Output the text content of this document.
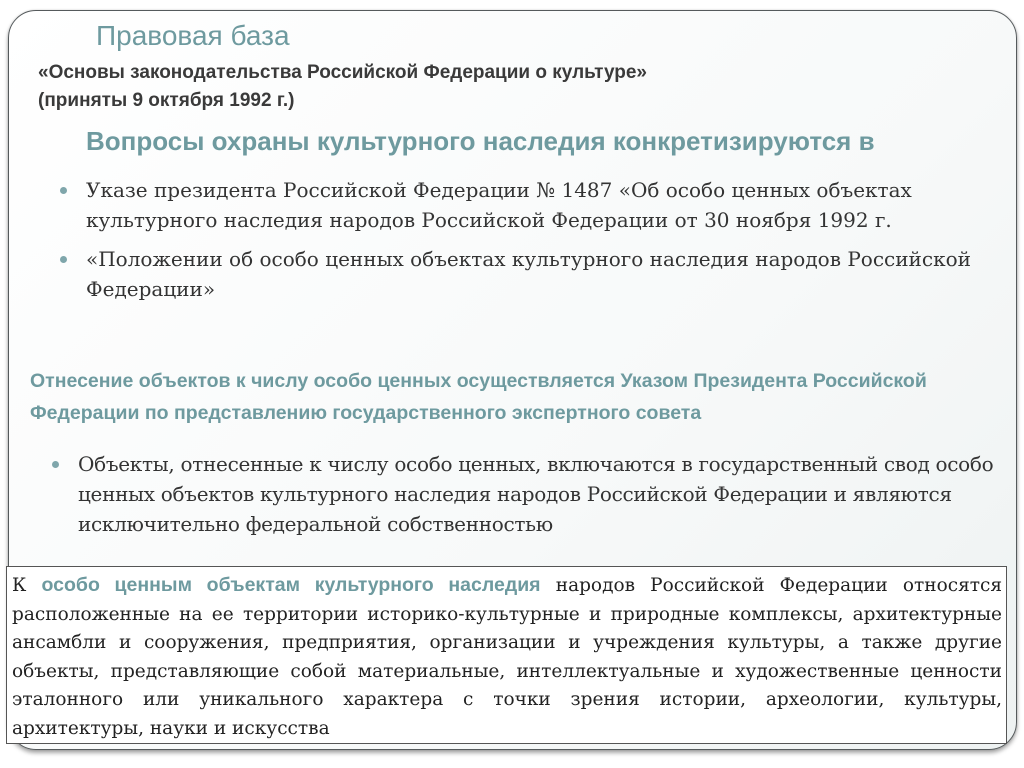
Правовая база
«Основы законодательства Российской Федерации о культуре»
(приняты 9 октября 1992 г.)
Вопросы охраны культурного наследия конкретизируются в
Указе президента Российской Федерации № 1487 «Об особо ценных объектах культурного наследия народов Российской Федерации от 30 ноября 1992 г.
«Положении об особо ценных объектах культурного наследия народов Российской Федерации»
Отнесение объектов к числу особо ценных осуществляется Указом Президента Российской Федерации по представлению государственного экспертного совета
Объекты, отнесенные к числу особо ценных, включаются в государственный свод особо ценных объектов культурного наследия народов Российской Федерации и являются исключительно федеральной собственностью
К особо ценным объектам культурного наследия народов Российской Федерации относятся расположенные на ее территории историко-культурные и природные комплексы, архитектурные ансамбли и сооружения, предприятия, организации и учреждения культуры, а также другие объекты, представляющие собой материальные, интеллектуальные и художественные ценности эталонного или уникального характера с точки зрения истории, археологии, культуры, архитектуры, науки и искусства
